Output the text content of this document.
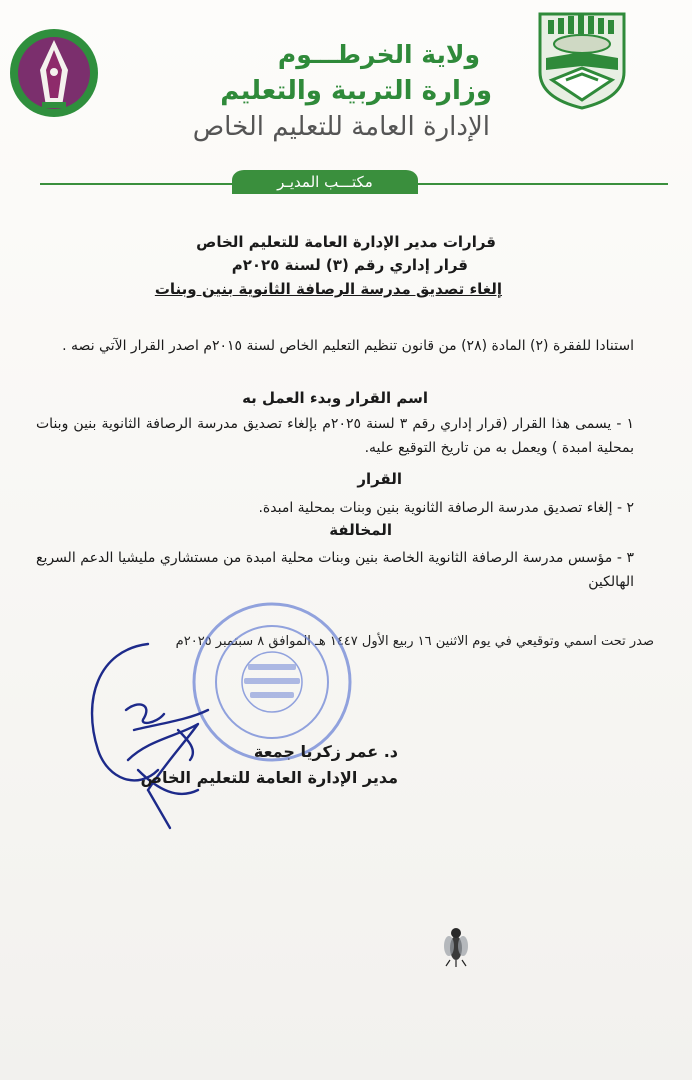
ولاية الخرطـــوم
وزارة التربية والتعليم
الإدارة العامة للتعليم الخاص
مكتـــب المديـر
قرارات مدير الإدارة العامة للتعليم الخاص
قرار إداري رقم (٣) لسنة ٢٠٢٥م
إلغاء تصديق مدرسة الرصافة الثانوية بنين وبنات
استنادا للفقرة (٢) المادة (٢٨) من قانون تنظيم التعليم الخاص لسنة ٢٠١٥م اصدر القرار الآتي نصه .
اسم القرار وبدء العمل به
١ - يسمى هذا القرار (قرار إداري رقم ٣ لسنة ٢٠٢٥م بإلغاء تصديق مدرسة الرصافة الثانوية بنين وبنات بمحلية امبدة ) ويعمل به من تاريخ التوقيع عليه.
القرار
٢ - إلغاء تصديق مدرسة الرصافة الثانوية بنين وبنات بمحلية امبدة.
المخالفة
٣ - مؤسس مدرسة الرصافة الثانوية الخاصة بنين وبنات محلية امبدة من مستشاري مليشيا الدعم السريع الهالكين
صدر تحت اسمي وتوقيعي في يوم الاثنين ١٦ ربيع الأول ١٤٤٧ هـ الموافق ٨ سبتمبر ٢٠٢٥م
د. عمر زكريا جمعة
مدير الإدارة العامة للتعليم الخاص
